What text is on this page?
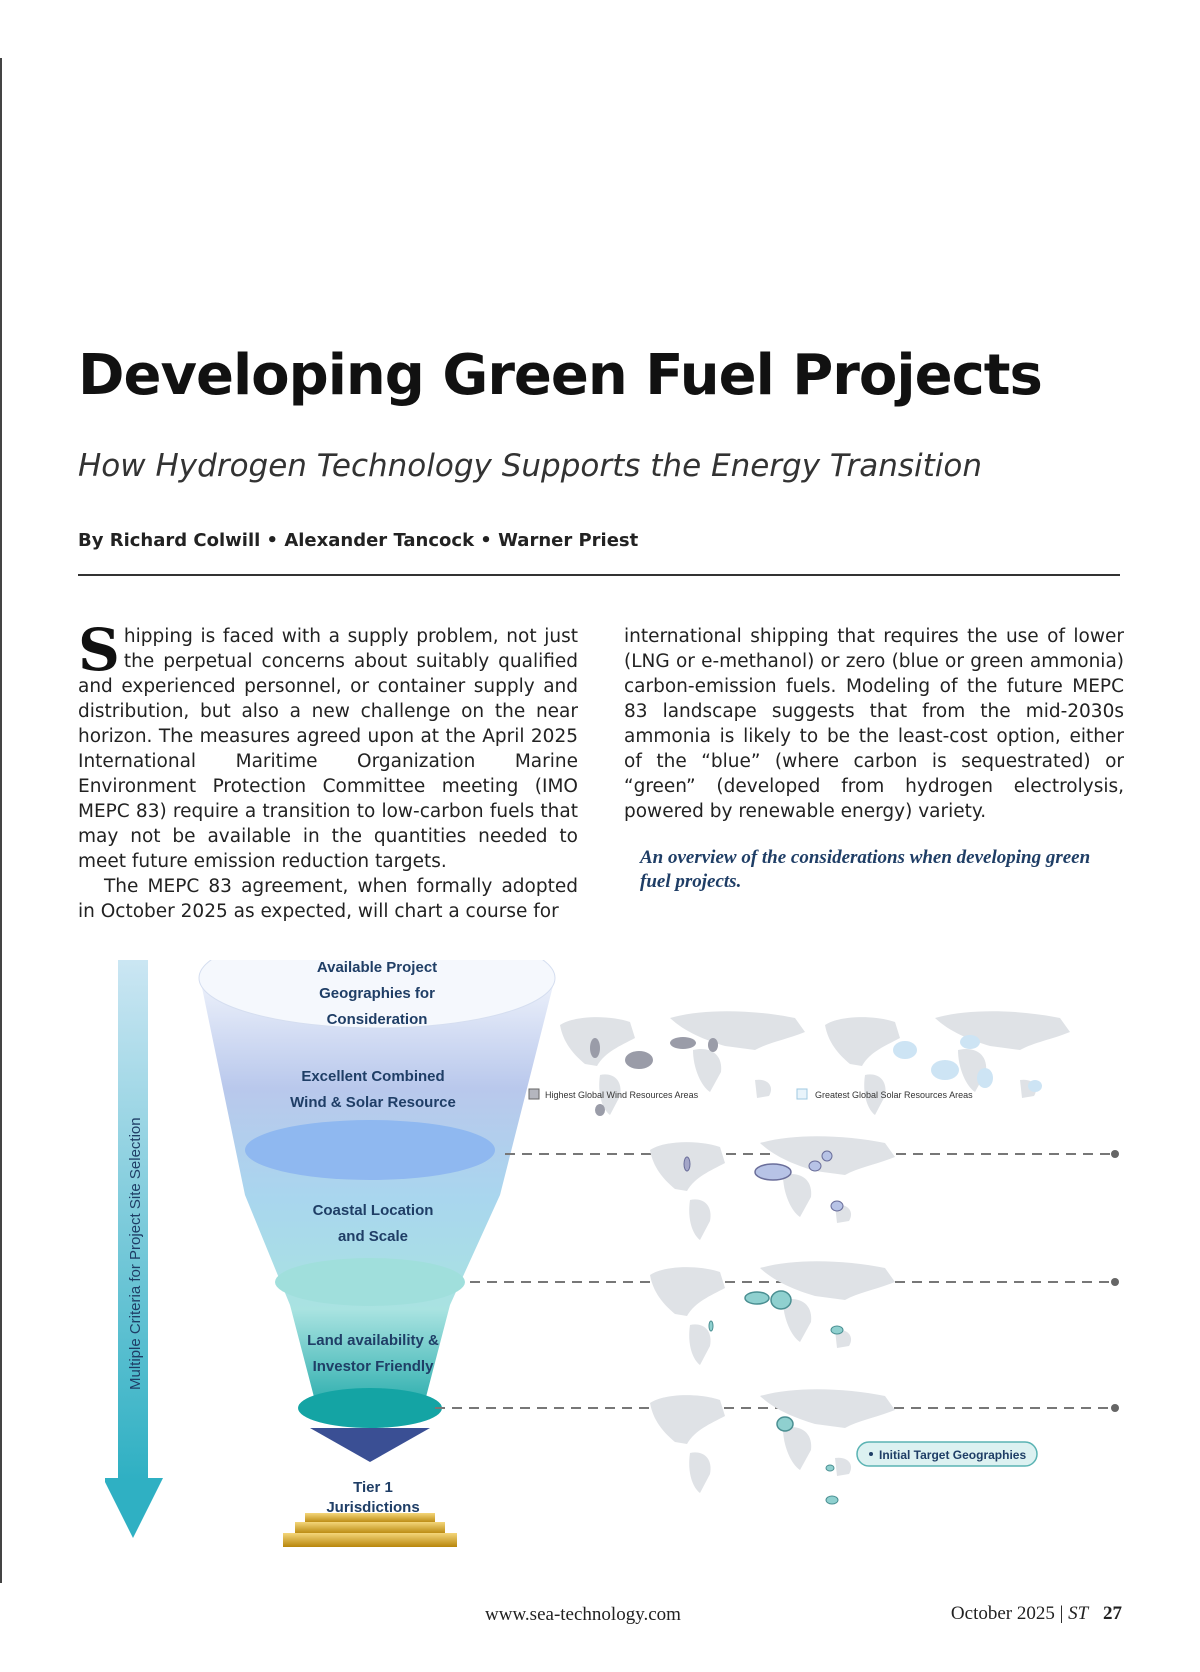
Developing Green Fuel Projects
How Hydrogen Technology Supports the Energy Transition
By Richard Colwill • Alexander Tancock • Warner Priest

Shipping is faced with a supply problem, not just the perpetual concerns about suitably qualified and experienced personnel, or container supply and distribution, but also a new challenge on the near horizon. The measures agreed upon at the April 2025 International Maritime Organization Marine Environment Protection Committee meeting (IMO MEPC 83) require a transition to low-carbon fuels that may not be available in the quantities needed to meet future emission reduction targets.

The MEPC 83 agreement, when formally adopted in October 2025 as expected, will chart a course for

international shipping that requires the use of lower (LNG or e-methanol) or zero (blue or green ammonia) carbon-emission fuels. Modeling of the future MEPC 83 landscape suggests that from the mid-2030s ammonia is likely to be the least-cost option, either of the “blue” (where carbon is sequestrated) or “green” (developed from hydrogen electrolysis, powered by renewable energy) variety.

An overview of the considerations when developing green fuel projects.
Multiple Criteria for Project Site Selection
Available Project
Geographies for
Consideration
Excellent Combined
Wind & Solar Resource
Coastal Location
and Scale
Land availability &
Investor Friendly
Tier 1
Jurisdictions
Highest Global Wind Resources Areas	Greatest Global Solar Resources Areas
Initial Target Geographies
www.sea-technology.com	October 2025 | ST 27
